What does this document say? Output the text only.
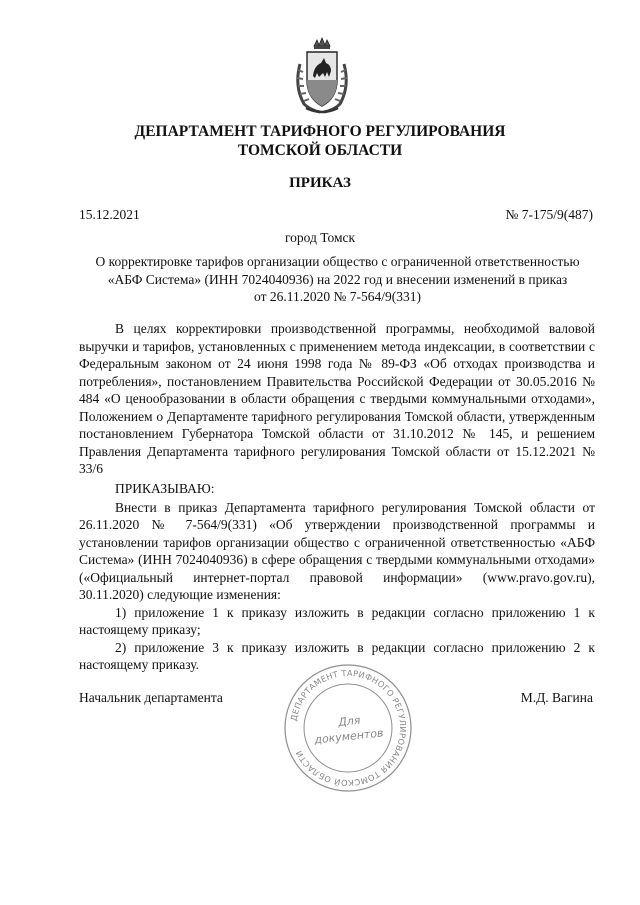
ДЕПАРТАМЕНТ ТАРИФНОГО РЕГУЛИРОВАНИЯ
ТОМСКОЙ ОБЛАСТИ
ПРИКАЗ
15.12.2021	№ 7-175/9(487)
город Томск
О корректировке тарифов организации общество с ограниченной ответственностью
«АБФ Система» (ИНН 7024040936) на 2022 год и внесении изменений в приказ
от 26.11.2020 № 7-564/9(331)

В целях корректировки производственной программы, необходимой валовой выручки и тарифов, установленных с применением метода индексации, в соответствии с Федеральным законом от 24 июня 1998 года № 89-ФЗ «Об отходах производства и потребления», постановлением Правительства Российской Федерации от 30.05.2016 № 484 «О ценообразовании в области обращения с твердыми коммунальными отходами», Положением о Департаменте тарифного регулирования Томской области, утвержденным постановлением Губернатора Томской области от 31.10.2012 № 145, и решением Правления Департамента тарифного регулирования Томской области от 15.12.2021 № 33/6

ПРИКАЗЫВАЮ:

Внести в приказ Департамента тарифного регулирования Томской области от 26.11.2020 № 7-564/9(331) «Об утверждении производственной программы и установлении тарифов организации общество с ограниченной ответственностью «АБФ Система» (ИНН 7024040936) в сфере обращения с твердыми коммунальными отходами» («Официальный интернет-портал правовой информации» (www.pravo.gov.ru), 30.11.2020) следующие изменения:

1) приложение 1 к приказу изложить в редакции согласно приложению 1 к настоящему приказу;

2) приложение 3 к приказу изложить в редакции согласно приложению 2 к настоящему приказу.

Начальник департамента	М.Д. Вагина
ДЕПАРТАМЕНТ ТАРИФНОГО РЕГУЛИРОВАНИЯ ТОМСКОЙ ОБЛАСТИ
Для
документов
